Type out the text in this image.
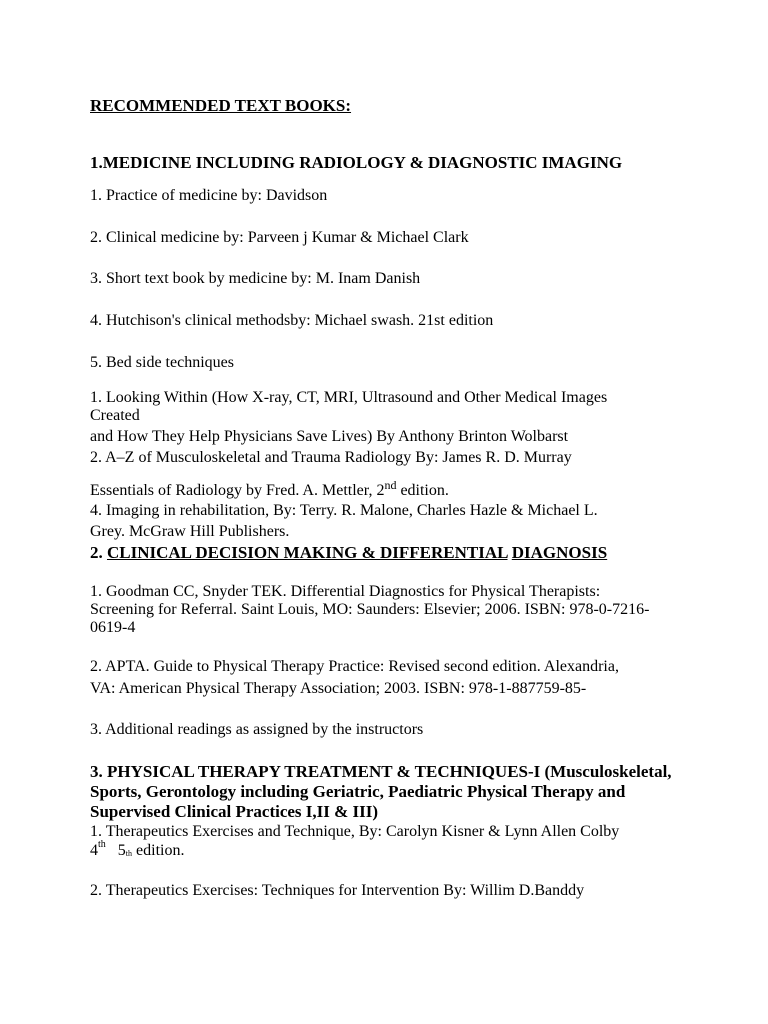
RECOMMENDED TEXT BOOKS:
1.MEDICINE INCLUDING RADIOLOGY & DIAGNOSTIC IMAGING
1. Practice of medicine by: Davidson
2. Clinical medicine by: Parveen j Kumar & Michael Clark
3. Short text book by medicine by: M. Inam Danish
4. Hutchison's clinical methodsby: Michael swash. 21st edition
5. Bed side techniques
1. Looking Within (How X-ray, CT, MRI, Ultrasound and Other Medical Images
Created
and How They Help Physicians Save Lives) By Anthony Brinton Wolbarst
2. A–Z of Musculoskeletal and Trauma Radiology By: James R. D. Murray
Essentials of Radiology by Fred. A. Mettler, 2nd edition.
4. Imaging in rehabilitation, By: Terry. R. Malone, Charles Hazle & Michael L.
Grey. McGraw Hill Publishers.
2. CLINICAL DECISION MAKING & DIFFERENTIAL DIAGNOSIS
1. Goodman CC, Snyder TEK. Differential Diagnostics for Physical Therapists:
Screening for Referral. Saint Louis, MO: Saunders: Elsevier; 2006. ISBN: 978-0-7216-
0619-4
2. APTA. Guide to Physical Therapy Practice: Revised second edition. Alexandria,
VA: American Physical Therapy Association; 2003. ISBN: 978-1-887759-85-
3. Additional readings as assigned by the instructors
3. PHYSICAL THERAPY TREATMENT & TECHNIQUES-I (Musculoskeletal,
Sports, Gerontology including Geriatric, Paediatric Physical Therapy and
Supervised Clinical Practices I,II & III)
1. Therapeutics Exercises and Technique, By: Carolyn Kisner & Lynn Allen Colby
4th 5th edition.
2. Therapeutics Exercises: Techniques for Intervention By: Willim D.Banddy
